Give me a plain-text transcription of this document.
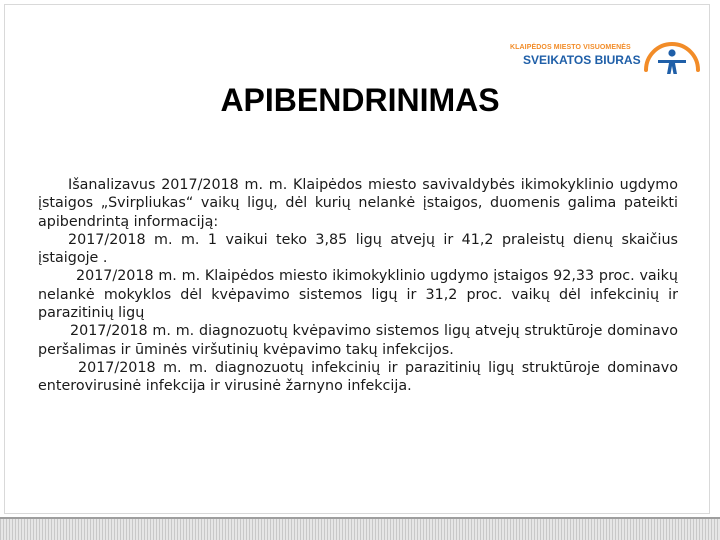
KLAIPĖDOS MIESTO VISUOMENĖS
SVEIKATOS BIURAS
APIBENDRINIMAS

Išanalizavus 2017/2018 m. m. Klaipėdos miesto savivaldybės ikimokyklinio ugdymo įstaigos „Svirpliukas“ vaikų ligų, dėl kurių nelankė įstaigos, duomenis galima pateikti apibendrintą informaciją:

2017/2018 m. m. 1 vaikui teko 3,85 ligų atvejų ir 41,2 praleistų dienų skaičius įstaigoje .

2017/2018 m. m. Klaipėdos miesto ikimokyklinio ugdymo įstaigos 92,33 proc. vaikų nelankė mokyklos dėl kvėpavimo sistemos ligų ir 31,2 proc. vaikų dėl infekcinių ir parazitinių ligų

2017/2018 m. m. diagnozuotų kvėpavimo sistemos ligų atvejų struktūroje dominavo peršalimas ir ūminės viršutinių kvėpavimo takų infekcijos.

2017/2018 m. m. diagnozuotų infekcinių ir parazitinių ligų struktūroje dominavo enterovirusinė infekcija ir virusinė žarnyno infekcija.
